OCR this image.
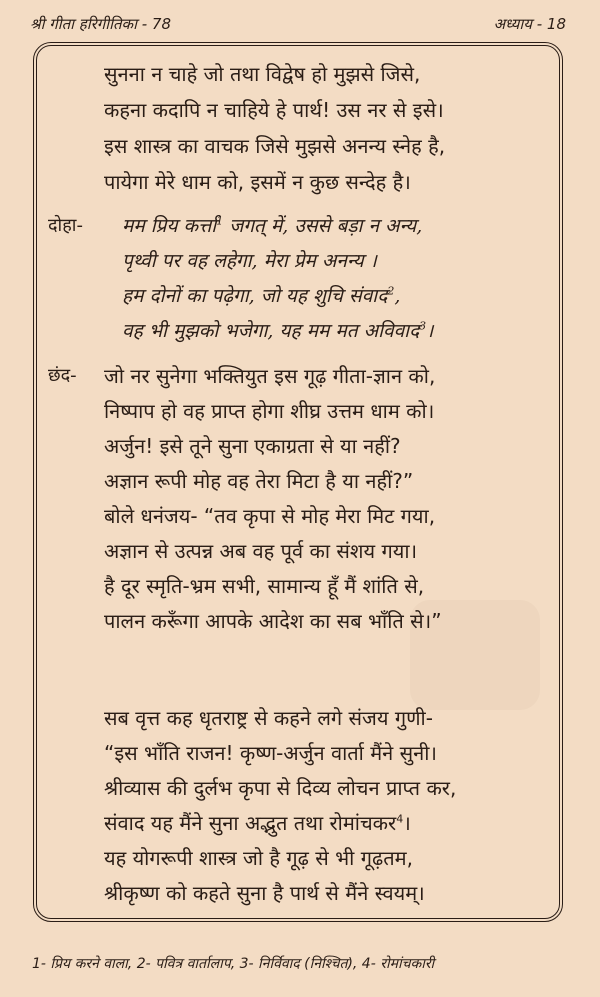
श्री गीता हरिगीतिका - 78	अध्याय - 18
सुनना न चाहे जो तथा विद्वेष हो मुझसे जिसे,
कहना कदापि न चाहिये हे पार्थ! उस नर से इसे।
इस शास्त्र का वाचक जिसे मुझसे अनन्य स्नेह है,
पायेगा मेरे धाम को, इसमें न कुछ सन्देह है।
दोहा- मम प्रिय कर्त्ता$^1$ जगत् में, उससे बड़ा न अन्य,
पृथ्वी पर वह लहेगा, मेरा प्रेम अनन्य ।
हम दोनों का पढ़ेगा, जो यह शुचि संवाद$^2$,
वह भी मुझको भजेगा, यह मम मत अविवाद$^3$।
छंद- जो नर सुनेगा भक्तियुत इस गूढ़ गीता-ज्ञान को,
निष्पाप हो वह प्राप्त होगा शीघ्र उत्तम धाम को।
अर्जुन! इसे तूने सुना एकाग्रता से या नहीं?
अज्ञान रूपी मोह वह तेरा मिटा है या नहीं?”
बोले धनंजय- “तव कृपा से मोह मेरा मिट गया,
अज्ञान से उत्पन्न अब वह पूर्व का संशय गया।
है दूर स्मृति-भ्रम सभी, सामान्य हूँ मैं शांति से,
पालन करूँगा आपके आदेश का सब भाँति से।”
सब वृत्त कह धृतराष्ट्र से कहने लगे संजय गुणी-
“इस भाँति राजन! कृष्ण-अर्जुन वार्ता मैंने सुनी।
श्रीव्यास की दुर्लभ कृपा से दिव्य लोचन प्राप्त कर,
संवाद यह मैंने सुना अद्भुत तथा रोमांचकर$^4$।
यह योगरूपी शास्त्र जो है गूढ़ से भी गूढ़तम,
श्रीकृष्ण को कहते सुना है पार्थ से मैंने स्वयम्।
1- प्रिय करने वाला, 2- पवित्र वार्तालाप, 3- निर्विवाद (निश्चित), 4- रोमांचकारी
